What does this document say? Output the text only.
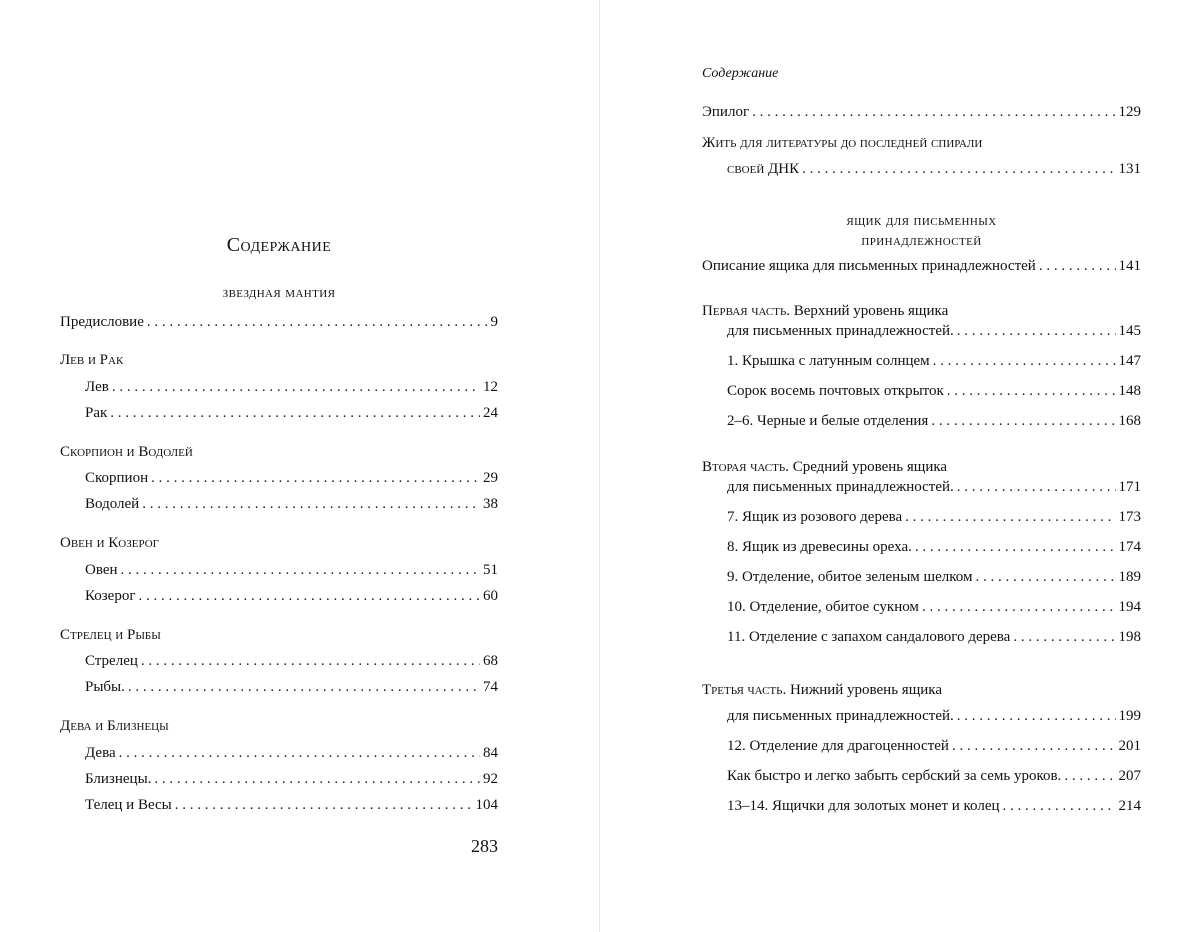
Содержание
звездная мантия
Предисловие . . .	9
Лев и Рак
Лев . . .	12
Рак . . .	24
Скорпион и Водолей
Скорпион . . .	29
Водолей . . .	38
Овен и Козерог
Овен . . .	51
Козерог . . .	60
Стрелец и Рыбы
Стрелец . . .	68
Рыбы. . . .	74
Дева и Близнецы
Дева . . .	84
Близнецы. . . .	92
Телец и Весы . . .	104
283
Содержание
Эпилог . . .	129
Жить для литературы до последней спирали
своей ДНК . . .	131
ящик для письменных
принадлежностей
Описание ящика для письменных принадлежностей . . .	141
Первая часть. Верхний уровень ящика
для письменных принадлежностей. . . .	145
1. Крышка с латунным солнцем . . .	147
Сорок восемь почтовых открыток . . .	148
2–6. Черные и белые отделения . . .	168
Вторая часть. Средний уровень ящика
для письменных принадлежностей. . . .	171
7. Ящик из розового дерева . . .	173
8. Ящик из древесины ореха. . . .	174
9. Отделение, обитое зеленым шелком . . .	189
10. Отделение, обитое сукном . . .	194
11. Отделение с запахом сандалового дерева . . .	198
Третья часть. Нижний уровень ящика
для письменных принадлежностей. . . .	199
12. Отделение для драгоценностей . . .	201
Как быстро и легко забыть сербский за семь уроков. . . .	207
13–14. Ящички для золотых монет и колец . . .	214
